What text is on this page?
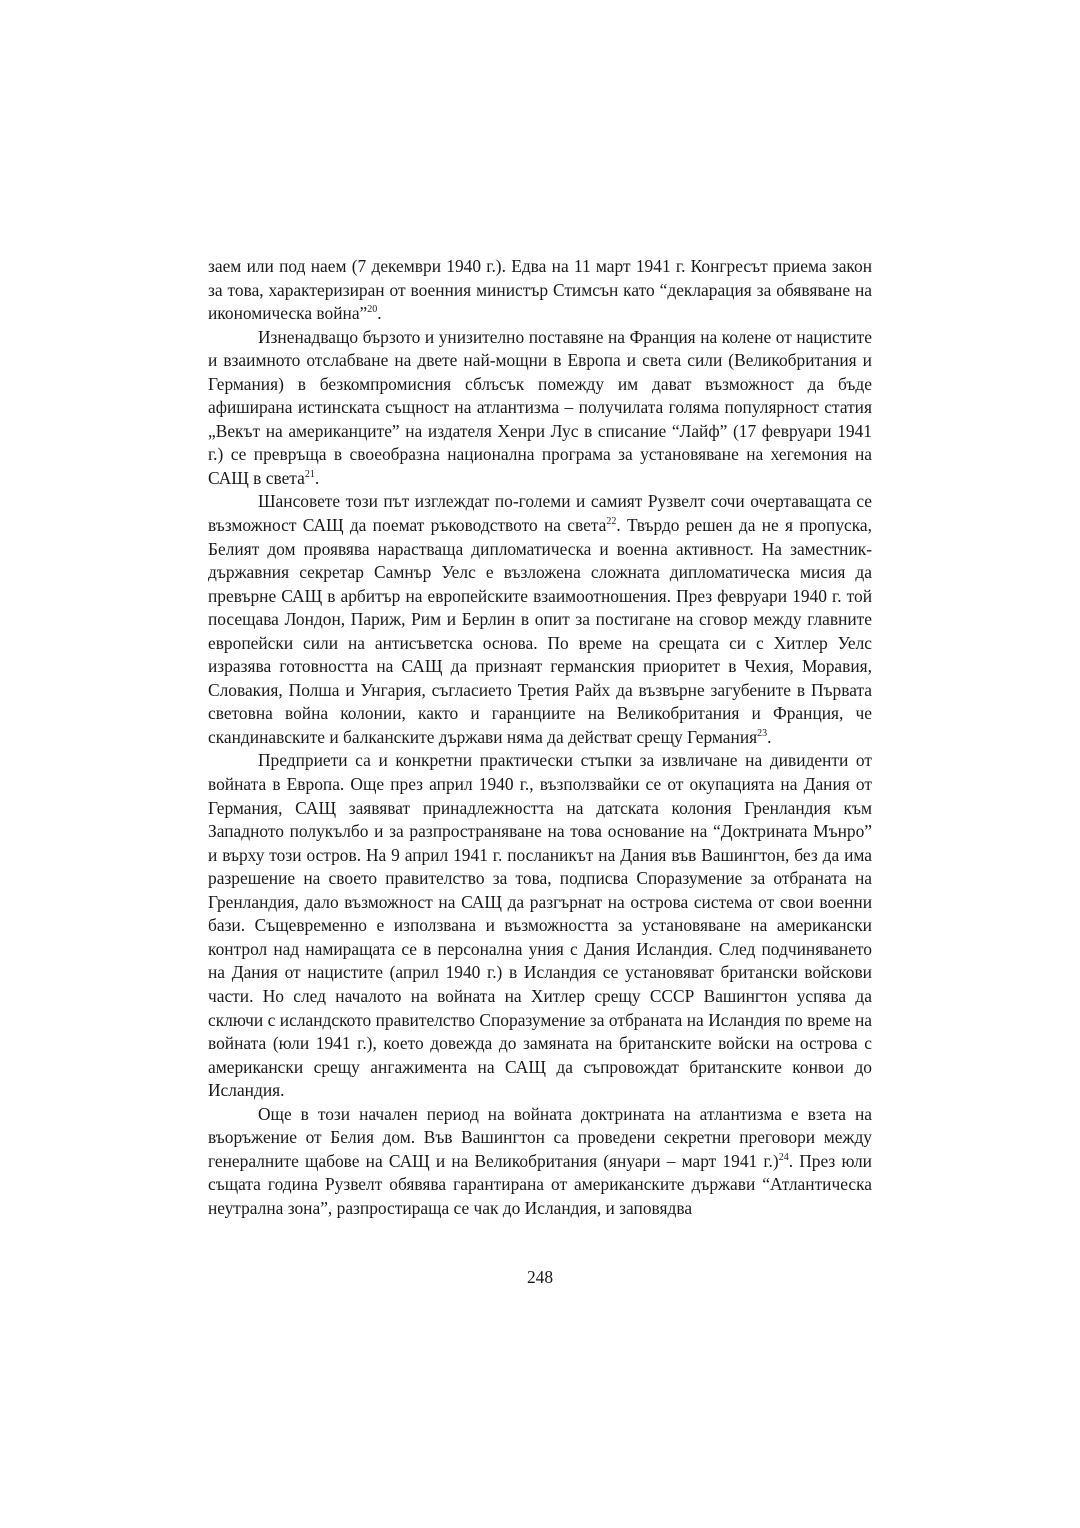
заем или под наем (7 декември 1940 г.). Едва на 11 март 1941 г. Конгресът приема закон за това, характеризиран от военния министър Стимсън като “декларация за обявяване на икономическа война”$^{20}$.

Изненадващо бързото и унизително поставяне на Франция на колене от нацистите и взаимното отслабване на двете най-мощни в Европа и света сили (Великобритания и Германия) в безкомпромисния сблъсък помежду им дават възможност да бъде афиширана истинската същност на атлантизма – получилата голяма популярност статия „Векът на американците” на издателя Хенри Лус в списание “Лайф” (17 февруари 1941 г.) се превръща в своеобразна национална програма за установяване на хегемония на САЩ в света$^{21}$.

Шансовете този път изглеждат по-големи и самият Рузвелт сочи очертаващата се възможност САЩ да поемат ръководството на света$^{22}$. Твърдо решен да не я пропуска, Белият дом проявява нарастваща дипломатическа и военна активност. На заместник-държавния секретар Самнър Уелс е възложена сложната дипломатическа мисия да превърне САЩ в арбитър на европейските взаимоотношения. През февруари 1940 г. той посещава Лондон, Париж, Рим и Берлин в опит за постигане на сговор между главните европейски сили на антисъветска основа. По време на срещата си с Хитлер Уелс изразява готовността на САЩ да признаят германския приоритет в Чехия, Моравия, Словакия, Полша и Унгария, съгласието Третия Райх да възвърне загубените в Първата световна война колонии, както и гаранциите на Великобритания и Франция, че скандинавските и балканските държави няма да действат срещу Германия$^{23}$.

Предприети са и конкретни практически стъпки за извличане на дивиденти от войната в Европа. Още през април 1940 г., възползвайки се от окупацията на Дания от Германия, САЩ заявяват принадлежността на датската колония Гренландия към Западното полукълбо и за разпространяване на това основание на “Доктрината Мънро” и върху този остров. На 9 април 1941 г. посланикът на Дания във Вашингтон, без да има разрешение на своето правителство за това, подписва Споразумение за отбраната на Гренландия, дало възможност на САЩ да разгърнат на острова система от свои военни бази. Същевременно е използвана и възможността за установяване на американски контрол над намиращата се в персонална уния с Дания Исландия. След подчиняването на Дания от нацистите (април 1940 г.) в Исландия се установяват британски войскови части. Но след началото на войната на Хитлер срещу СССР Вашингтон успява да сключи с исландското правителство Споразумение за отбраната на Исландия по време на войната (юли 1941 г.), което довежда до замяната на британските войски на острова с американски срещу ангажимента на САЩ да съпровождат британските конвои до Исландия.

Още в този начален период на войната доктрината на атлантизма е взета на въоръжение от Белия дом. Във Вашингтон са проведени секретни преговори между генералните щабове на САЩ и на Великобритания (януари – март 1941 г.)$^{24}$. През юли същата година Рузвелт обявява гарантирана от американските държави “Атлантическа неутрална зона”, разпростираща се чак до Исландия, и заповядва

248
